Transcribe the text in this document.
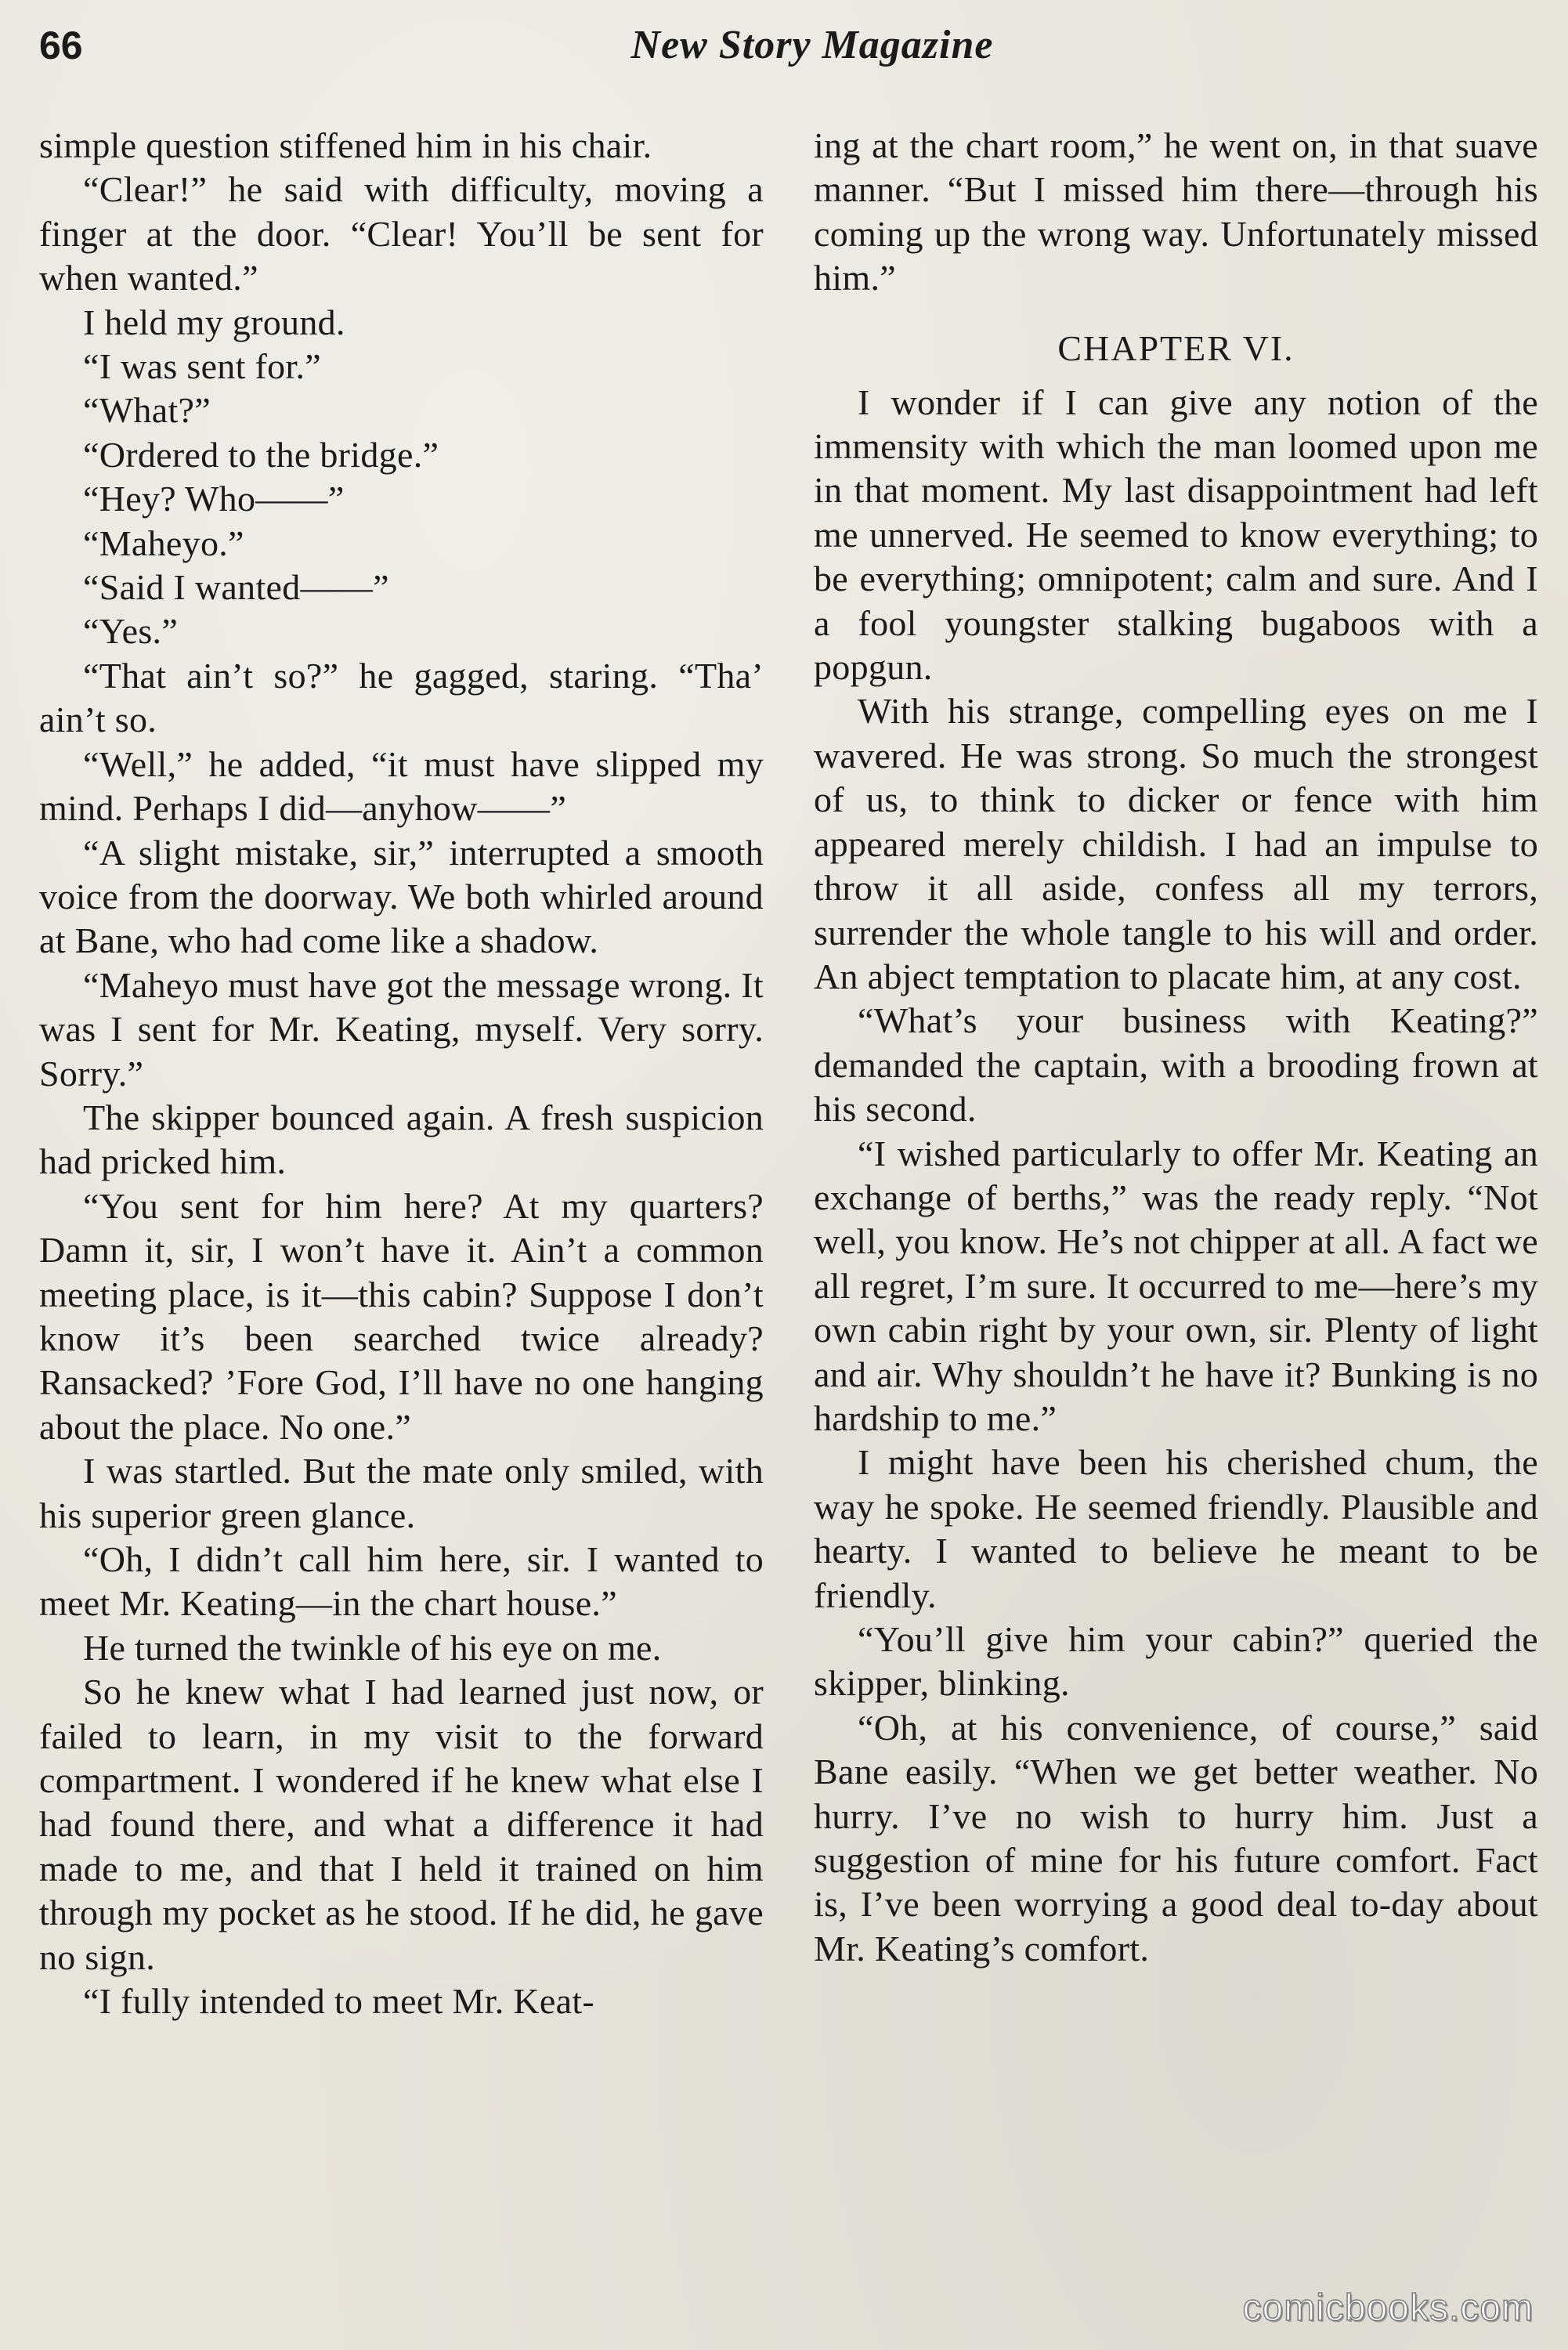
66	New Story Magazine

simple question stiffened him in his chair.

“Clear!” he said with difficulty, moving a finger at the door. “Clear! You’ll be sent for when wanted.”

I held my ground.

“I was sent for.”

“What?”

“Ordered to the bridge.”

“Hey? Who——”

“Maheyo.”

“Said I wanted——”

“Yes.”

“That ain’t so?” he gagged, staring. “Tha’ ain’t so.

“Well,” he added, “it must have slipped my mind. Perhaps I did—anyhow——”

“A slight mistake, sir,” interrupted a smooth voice from the doorway. We both whirled around at Bane, who had come like a shadow.

“Maheyo must have got the message wrong. It was I sent for Mr. Keating, myself. Very sorry. Sorry.”

The skipper bounced again. A fresh suspicion had pricked him.

“You sent for him here? At my quarters? Damn it, sir, I won’t have it. Ain’t a common meeting place, is it—this cabin? Suppose I don’t know it’s been searched twice already? Ransacked? ’Fore God, I’ll have no one hanging about the place. No one.”

I was startled. But the mate only smiled, with his superior green glance.

“Oh, I didn’t call him here, sir. I wanted to meet Mr. Keating—in the chart house.”

He turned the twinkle of his eye on me.

So he knew what I had learned just now, or failed to learn, in my visit to the forward compartment. I wondered if he knew what else I had found there, and what a difference it had made to me, and that I held it trained on him through my pocket as he stood. If he did, he gave no sign.

“I fully intended to meet Mr. Keat-

ing at the chart room,” he went on, in that suave manner. “But I missed him there—through his coming up the wrong way. Unfortunately missed him.”

CHAPTER VI.

I wonder if I can give any notion of the immensity with which the man loomed upon me in that moment. My last disappointment had left me unnerved. He seemed to know everything; to be everything; omnipotent; calm and sure. And I a fool youngster stalking bugaboos with a popgun.

With his strange, compelling eyes on me I wavered. He was strong. So much the strongest of us, to think to dicker or fence with him appeared merely childish. I had an impulse to throw it all aside, confess all my terrors, surrender the whole tangle to his will and order. An abject temptation to placate him, at any cost.

“What’s your business with Keating?” demanded the captain, with a brooding frown at his second.

“I wished particularly to offer Mr. Keating an exchange of berths,” was the ready reply. “Not well, you know. He’s not chipper at all. A fact we all regret, I’m sure. It occurred to me—here’s my own cabin right by your own, sir. Plenty of light and air. Why shouldn’t he have it? Bunking is no hardship to me.”

I might have been his cherished chum, the way he spoke. He seemed friendly. Plausible and hearty. I wanted to believe he meant to be friendly.

“You’ll give him your cabin?” queried the skipper, blinking.

“Oh, at his convenience, of course,” said Bane easily. “When we get better weather. No hurry. I’ve no wish to hurry him. Just a suggestion of mine for his future comfort. Fact is, I’ve been worrying a good deal to-day about Mr. Keating’s comfort.

comicbooks.com
